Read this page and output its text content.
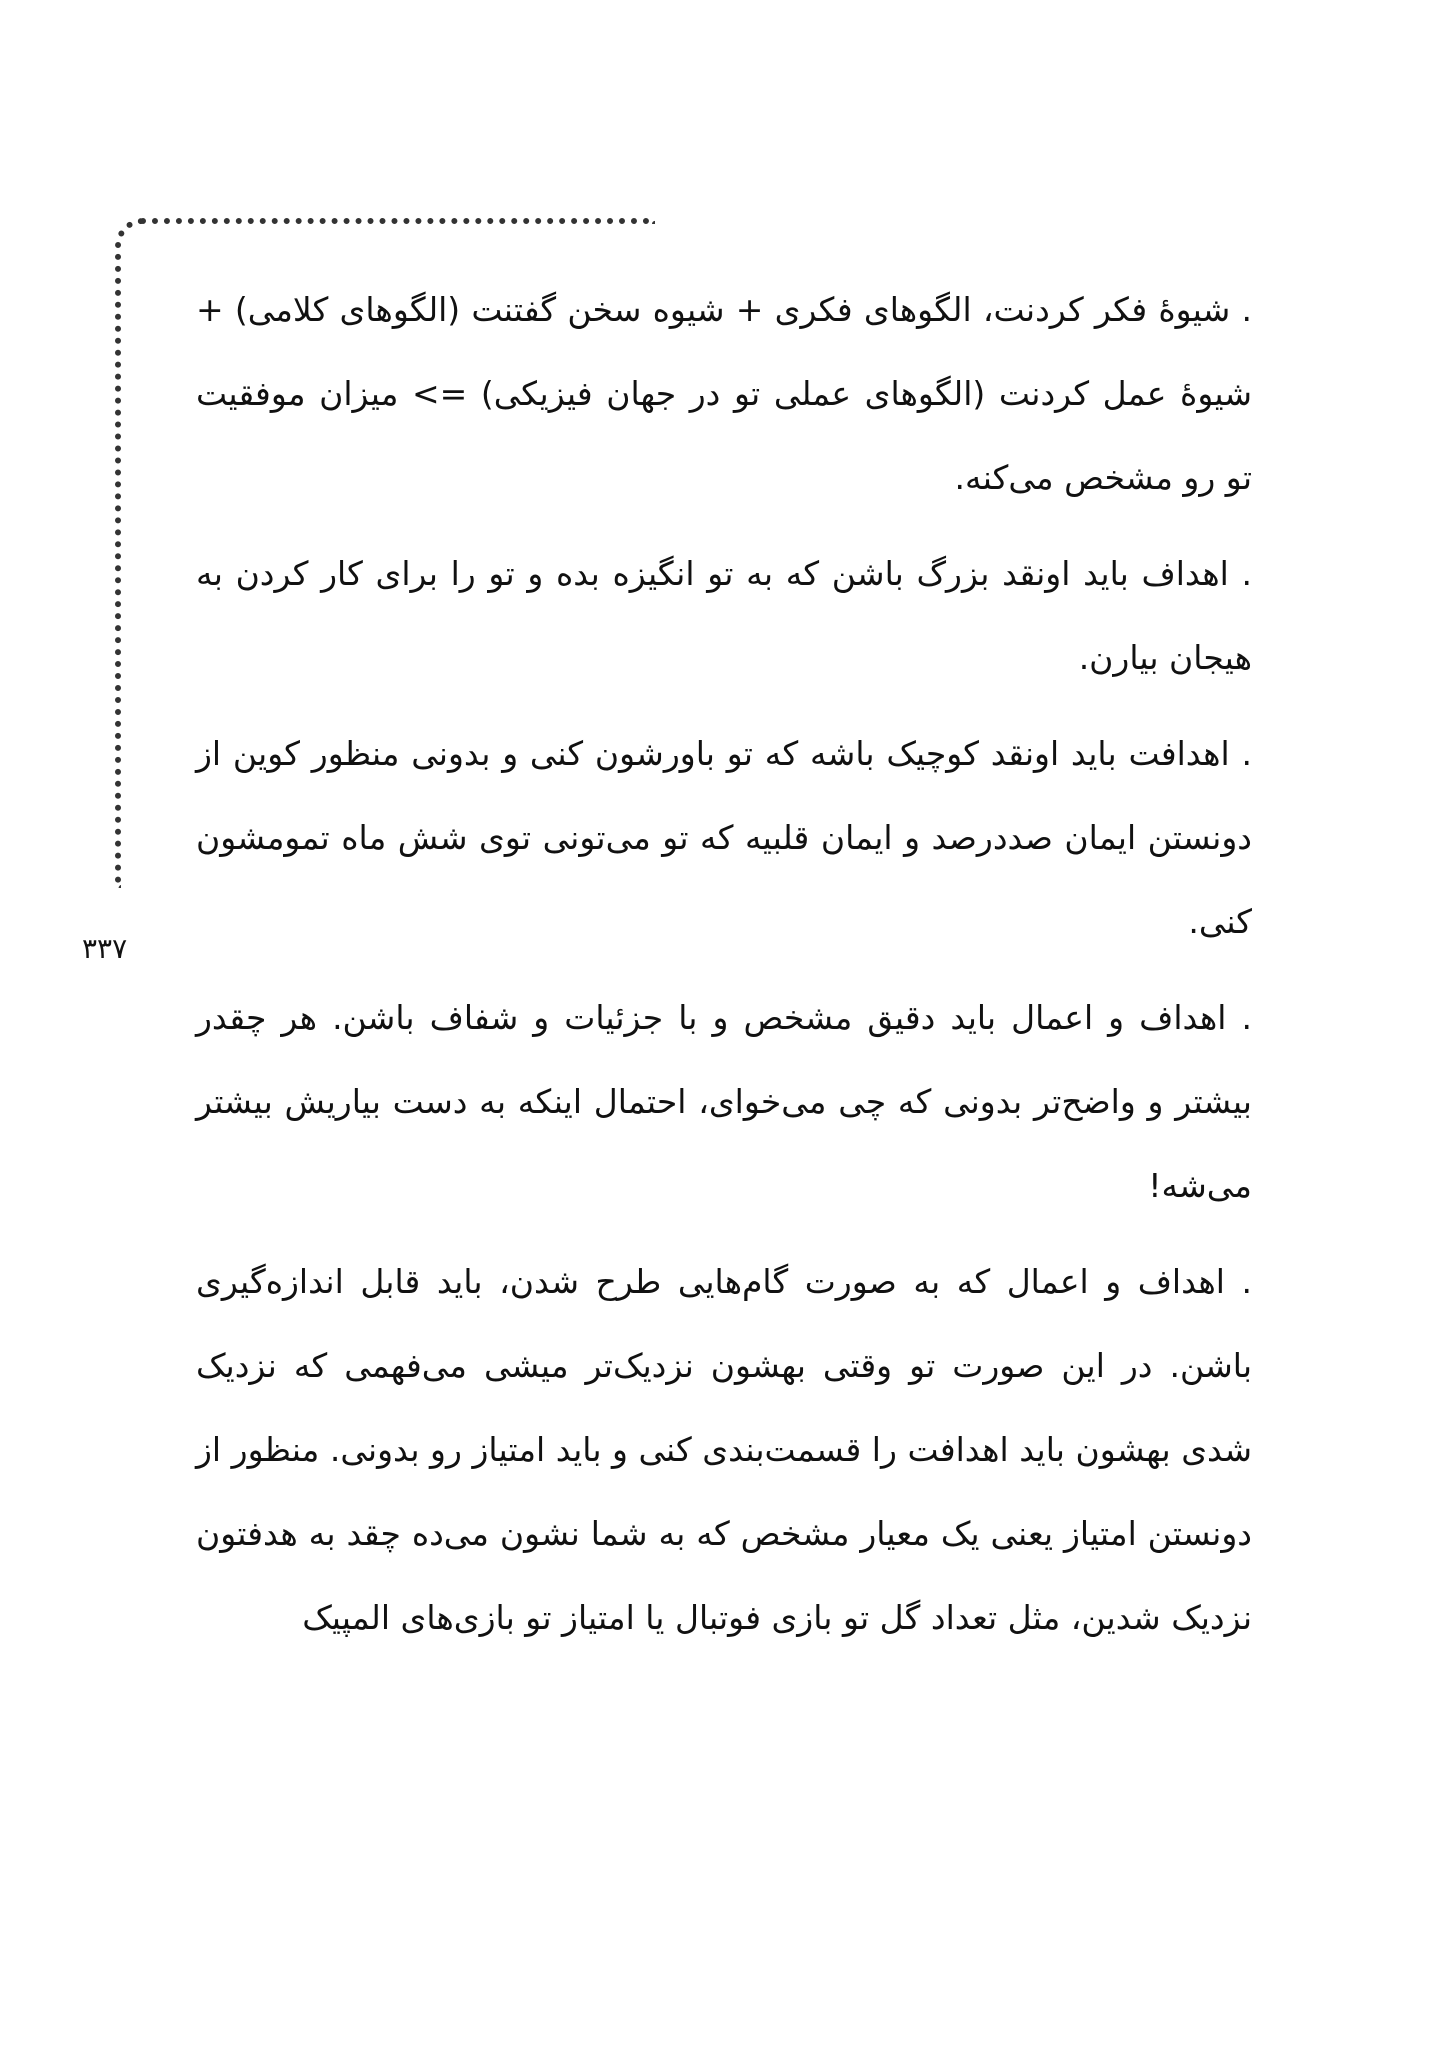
. شیوهٔ فکر کردنت، الگوهای فکری + شیوه سخن گفتنت (الگوهای کلامی) + شیوهٔ عمل کردنت (الگوهای عملی تو در جهان فیزیکی) => میزان موفقیت تو رو مشخص می‌کنه.

. اهداف باید اونقد بزرگ باشن که به تو انگیزه بده و تو را برای کار کردن به هیجان بیارن.

. اهدافت باید اونقد کوچیک باشه که تو باورشون کنی و بدونی منظور کوین از دونستن ایمان صددرصد و ایمان قلبیه که تو می‌تونی توی شش ماه تمومشون کنی.

. اهداف و اعمال باید دقیق مشخص و با جزئیات و شفاف باشن. هر چقدر بیشتر و واضح‌تر بدونی که چی می‌خوای، احتمال اینکه به دست بیاریش بیشتر می‌شه!

. اهداف و اعمال که به صورت گام‌هایی طرح شدن، باید قابل اندازه‌گیری باشن. در این صورت تو وقتی بهشون نزدیک‌تر میشی می‌فهمی که نزدیک شدی بهشون باید اهدافت را قسمت‌بندی کنی و باید امتیاز رو بدونی. منظور از دونستن امتیاز یعنی یک معیار مشخص که به شما نشون می‌ده چقد به هدفتون نزدیک شدین، مثل تعداد گل تو بازی فوتبال یا امتیاز تو بازی‌های المپیک

۳۳۷
